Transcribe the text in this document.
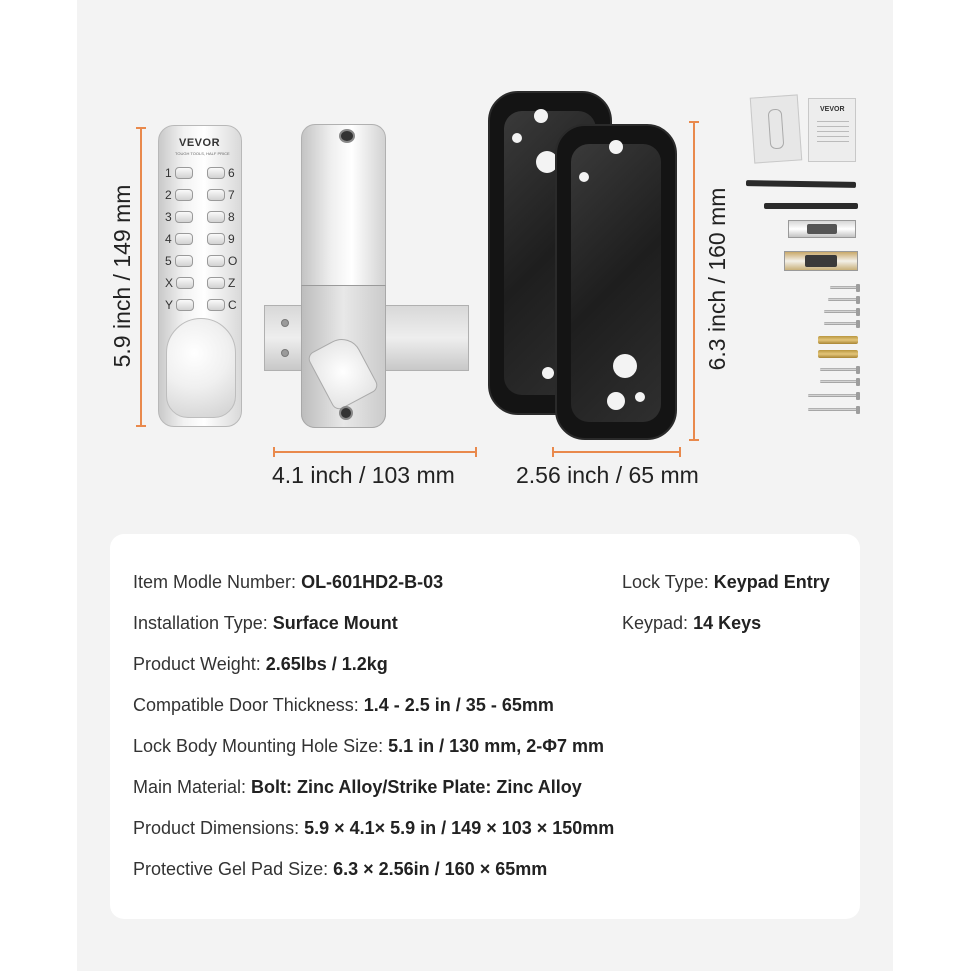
5.9 inch / 149 mm
VEVOR
TOUGH TOOLS, HALF PRICE
1
2
3
4
5
X
Y
6
7
8
9
O
Z
C
4.1 inch / 103 mm
6.3 inch / 160 mm
2.56 inch / 65 mm
VEVOR
Item Modle Number: OL-601HD2-B-03
Installation Type: Surface Mount
Product Weight: 2.65lbs / 1.2kg
Compatible Door Thickness: 1.4 - 2.5 in / 35 - 65mm
Lock Body Mounting Hole Size: 5.1 in / 130 mm, 2-Φ7 mm
Main Material: Bolt: Zinc Alloy/Strike Plate: Zinc Alloy
Product Dimensions: 5.9 × 4.1× 5.9 in / 149 × 103 × 150mm
Protective Gel Pad Size: 6.3 × 2.56in / 160 × 65mm
Lock Type: Keypad Entry
Keypad: 14 Keys
